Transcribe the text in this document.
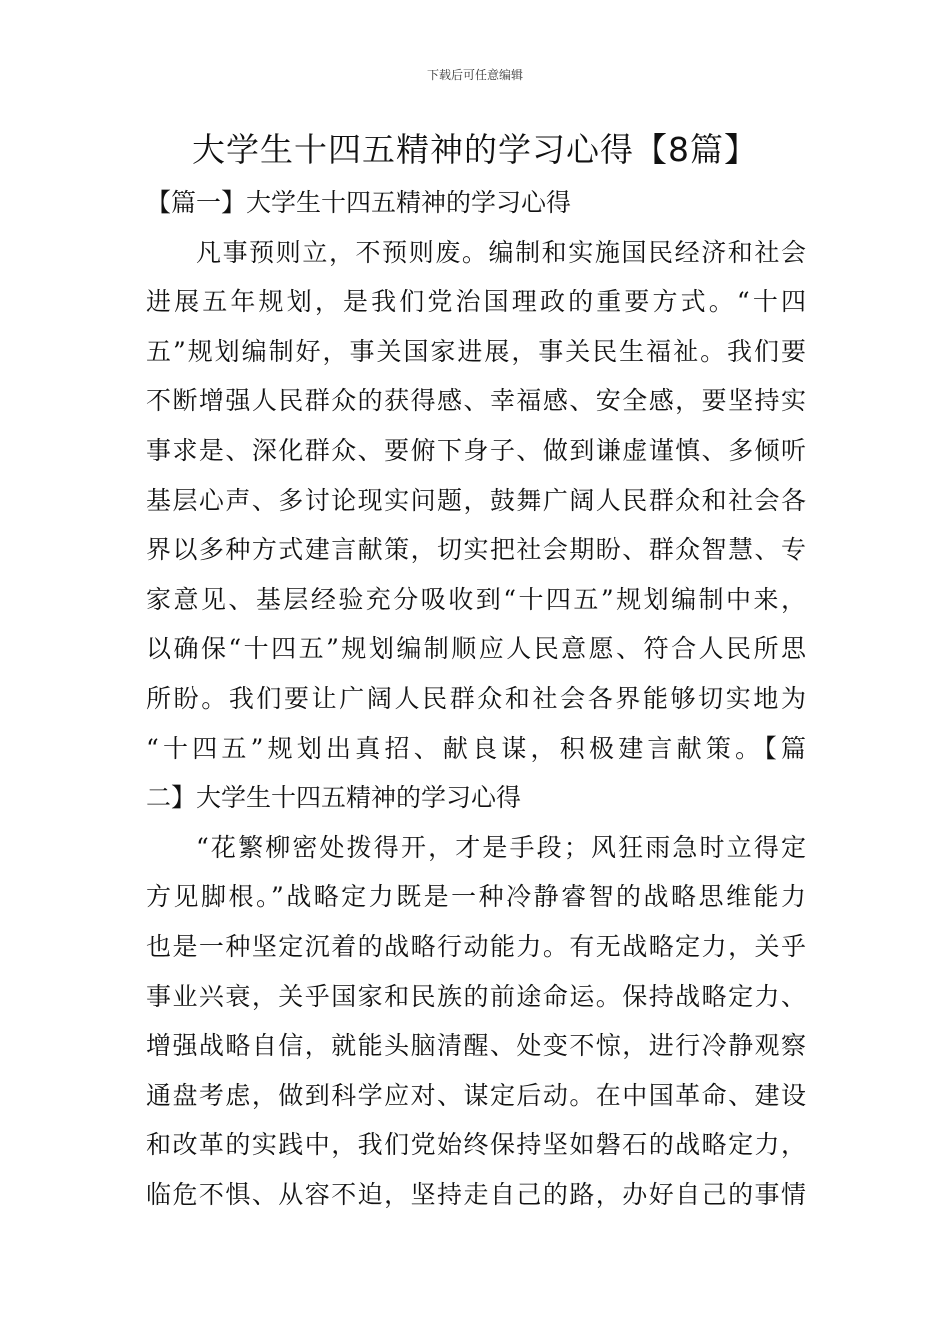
下载后可任意编辑
大学生十四五精神的学习心得【8篇】
【篇一】大学生十四五精神的学习心得
凡事预则立，不预则废。编制和实施国民经济和社会
进展五年规划，是我们党治国理政的重要方式。“十四
五”规划编制好，事关国家进展，事关民生福祉。我们要
不断增强人民群众的获得感、幸福感、安全感，要坚持实
事求是、深化群众、要俯下身子、做到谦虚谨慎、多倾听
基层心声、多讨论现实问题，鼓舞广阔人民群众和社会各
界以多种方式建言献策，切实把社会期盼、群众智慧、专
家意见、基层经验充分吸收到“十四五”规划编制中来，
以确保“十四五”规划编制顺应人民意愿、符合人民所思
所盼。我们要让广阔人民群众和社会各界能够切实地为
“十四五”规划出真招、献良谋，积极建言献策。【篇
二】大学生十四五精神的学习心得
“花繁柳密处拨得开，才是手段；风狂雨急时立得定
方见脚根。”战略定力既是一种冷静睿智的战略思维能力
也是一种坚定沉着的战略行动能力。有无战略定力，关乎
事业兴衰，关乎国家和民族的前途命运。保持战略定力、
增强战略自信，就能头脑清醒、处变不惊，进行冷静观察
通盘考虑，做到科学应对、谋定后动。在中国革命、建设
和改革的实践中，我们党始终保持坚如磐石的战略定力，
临危不惧、从容不迫，坚持走自己的路，办好自己的事情
